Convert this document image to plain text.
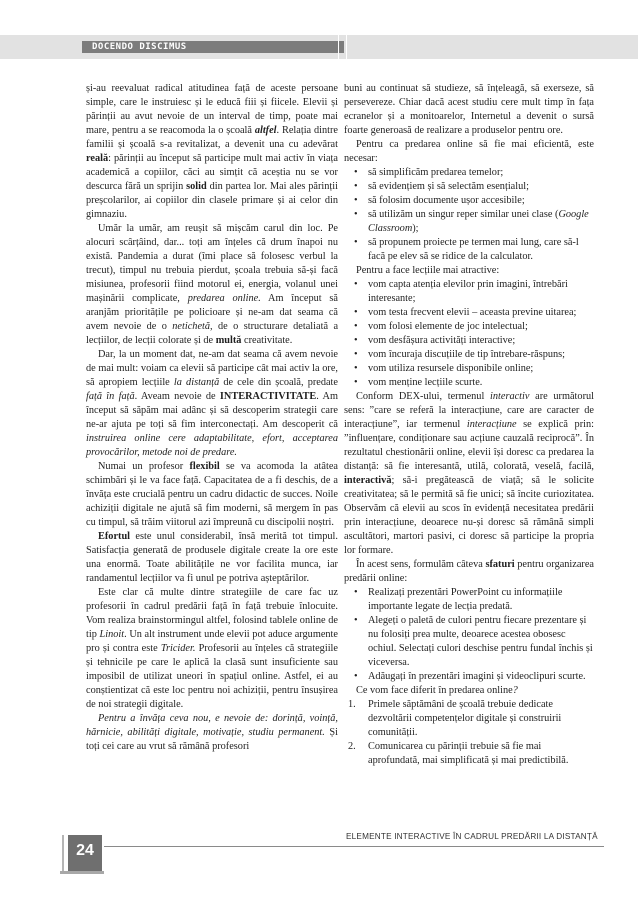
DOCENDO DISCIMUS

și-au reevaluat radical atitudinea față de aceste persoane simple, care le instruiesc și le educă fiii și fiicele. Elevii și părinții au avut nevoie de un interval de timp, poate mai mare, pentru a se reacomoda la o școală altfel. Relația dintre familii și școală s-a revitalizat, a devenit una cu adevărat reală: părinții au început să participe mult mai activ în viața academică a copiilor, căci au simțit că aceștia nu se vor descurca fără un sprijin solid din partea lor. Mai ales părinții preșcolarilor, ai copiilor din clasele primare și ai celor din gimnaziu.

Umăr la umăr, am reușit să mișcăm carul din loc. Pe alocuri scârțâind, dar... toți am înțeles că drum înapoi nu există. Pandemia a durat (îmi place să folosesc verbul la trecut), timpul nu trebuia pierdut, școala trebuia să-și facă misiunea, profesorii fiind motorul ei, energia, volanul unei mașinării complicate, predarea online. Am început să aranjăm prioritățile pe policioare și ne-am dat seama că avem nevoie de o netichetă, de o structurare detaliată a lecțiilor, de lecții colorate și de multă creativitate.

Dar, la un moment dat, ne-am dat seama că avem nevoie de mai mult: voiam ca elevii să participe cât mai activ la ore, să apropiem lecțiile la distanță de cele din școală, predate față în față. Aveam nevoie de INTERACTIVITATE. Am început să săpăm mai adânc și să descoperim strategii care ne-ar ajuta pe toți să fim interconectați. Am descoperit că instruirea online cere adaptabilitate, efort, acceptarea provocărilor, metode noi de predare.

Numai un profesor flexibil se va acomoda la atâtea schimbări și le va face față. Capacitatea de a fi deschis, de a învăța este crucială pentru un cadru didactic de succes. Noile achiziții digitale ne ajută să fim moderni, să mergem în pas cu timpul, să trăim viitorul azi împreună cu discipolii noștri.

Efortul este unul considerabil, însă merită tot timpul. Satisfacția generată de produsele digitale create la ore este una enormă. Toate abilitățile ne vor facilita munca, iar randamentul lecțiilor va fi unul pe potriva așteptărilor.

Este clar că multe dintre strategiile de care fac uz profesorii în cadrul predării față în față trebuie înlocuite. Vom realiza brainstormingul altfel, folosind tablele online de tip Linoit. Un alt instrument unde elevii pot aduce argumente pro și contra este Tricider. Profesorii au înțeles că strategiile și tehnicile pe care le aplică la clasă sunt insuficiente sau imposibil de utilizat uneori în spațiul online. Astfel, ei au conștientizat că este loc pentru noi achiziții, pentru însușirea de noi strategii digitale.

Pentru a învăța ceva nou, e nevoie de: dorință, voință, hărnicie, abilități digitale, motivație, studiu permanent. Și toți cei care au vrut să rămână profesori

buni au continuat să studieze, să înțeleagă, să exerseze, să persevereze. Chiar dacă acest studiu cere mult timp în fața ecranelor și a monitoarelor, Internetul a devenit o sursă foarte generoasă de realizare a produselor pentru ore.

Pentru ca predarea online să fie mai eficientă, este necesar:

• să simplificăm predarea temelor;
• să evidențiem și să selectăm esențialul;
• să folosim documente ușor accesibile;
• să utilizăm un singur reper similar unei clase (Google Classroom);
• să propunem proiecte pe termen mai lung, care să-l facă pe elev să se ridice de la calculator.

Pentru a face lecțiile mai atractive:

• vom capta atenția elevilor prin imagini, întrebări interesante;
• vom testa frecvent elevii – aceasta previne uitarea;
• vom folosi elemente de joc intelectual;
• vom desfășura activități interactive;
• vom încuraja discuțiile de tip întrebare-răspuns;
• vom utiliza resursele disponibile online;
• vom menține lecțiile scurte.

Conform DEX-ului, termenul interactiv are următorul sens: ”care se referă la interacțiune, care are caracter de interacțiune”, iar termenul interacțiune se explică prin: ”influențare, condiționare sau acțiune cauzală reciprocă”. În rezultatul chestionării online, elevii își doresc ca predarea la distanță: să fie interesantă, utilă, colorată, veselă, facilă, interactivă; să-i pregătească de viață; să le solicite creativitatea; să le permită să fie unici; să încite curiozitatea. Observăm că elevii au scos în evidență necesitatea predării prin interacțiune, deoarece nu-și doresc să rămână simpli ascultători, martori pasivi, ci doresc să participe la propria lor formare.

În acest sens, formulăm câteva sfaturi pentru organizarea predării online:

• Realizați prezentări PowerPoint cu informațiile importante legate de lecția predată.
• Alegeți o paletă de culori pentru fiecare prezentare și nu folosiți prea multe, deoarece acestea obosesc ochiul. Selectați culori deschise pentru fundal închis și viceversa.
• Adăugați în prezentări imagini și videoclipuri scurte.

Ce vom face diferit în predarea online?

1. Primele săptămâni de școală trebuie dedicate dezvoltării competențelor digitale și construirii comunității.
2. Comunicarea cu părinții trebuie să fie mai aprofundată, mai simplificată și mai predictibilă.
ELEMENTE INTERACTIVE ÎN CADRUL PREDĂRII LA DISTANȚĂ
24
